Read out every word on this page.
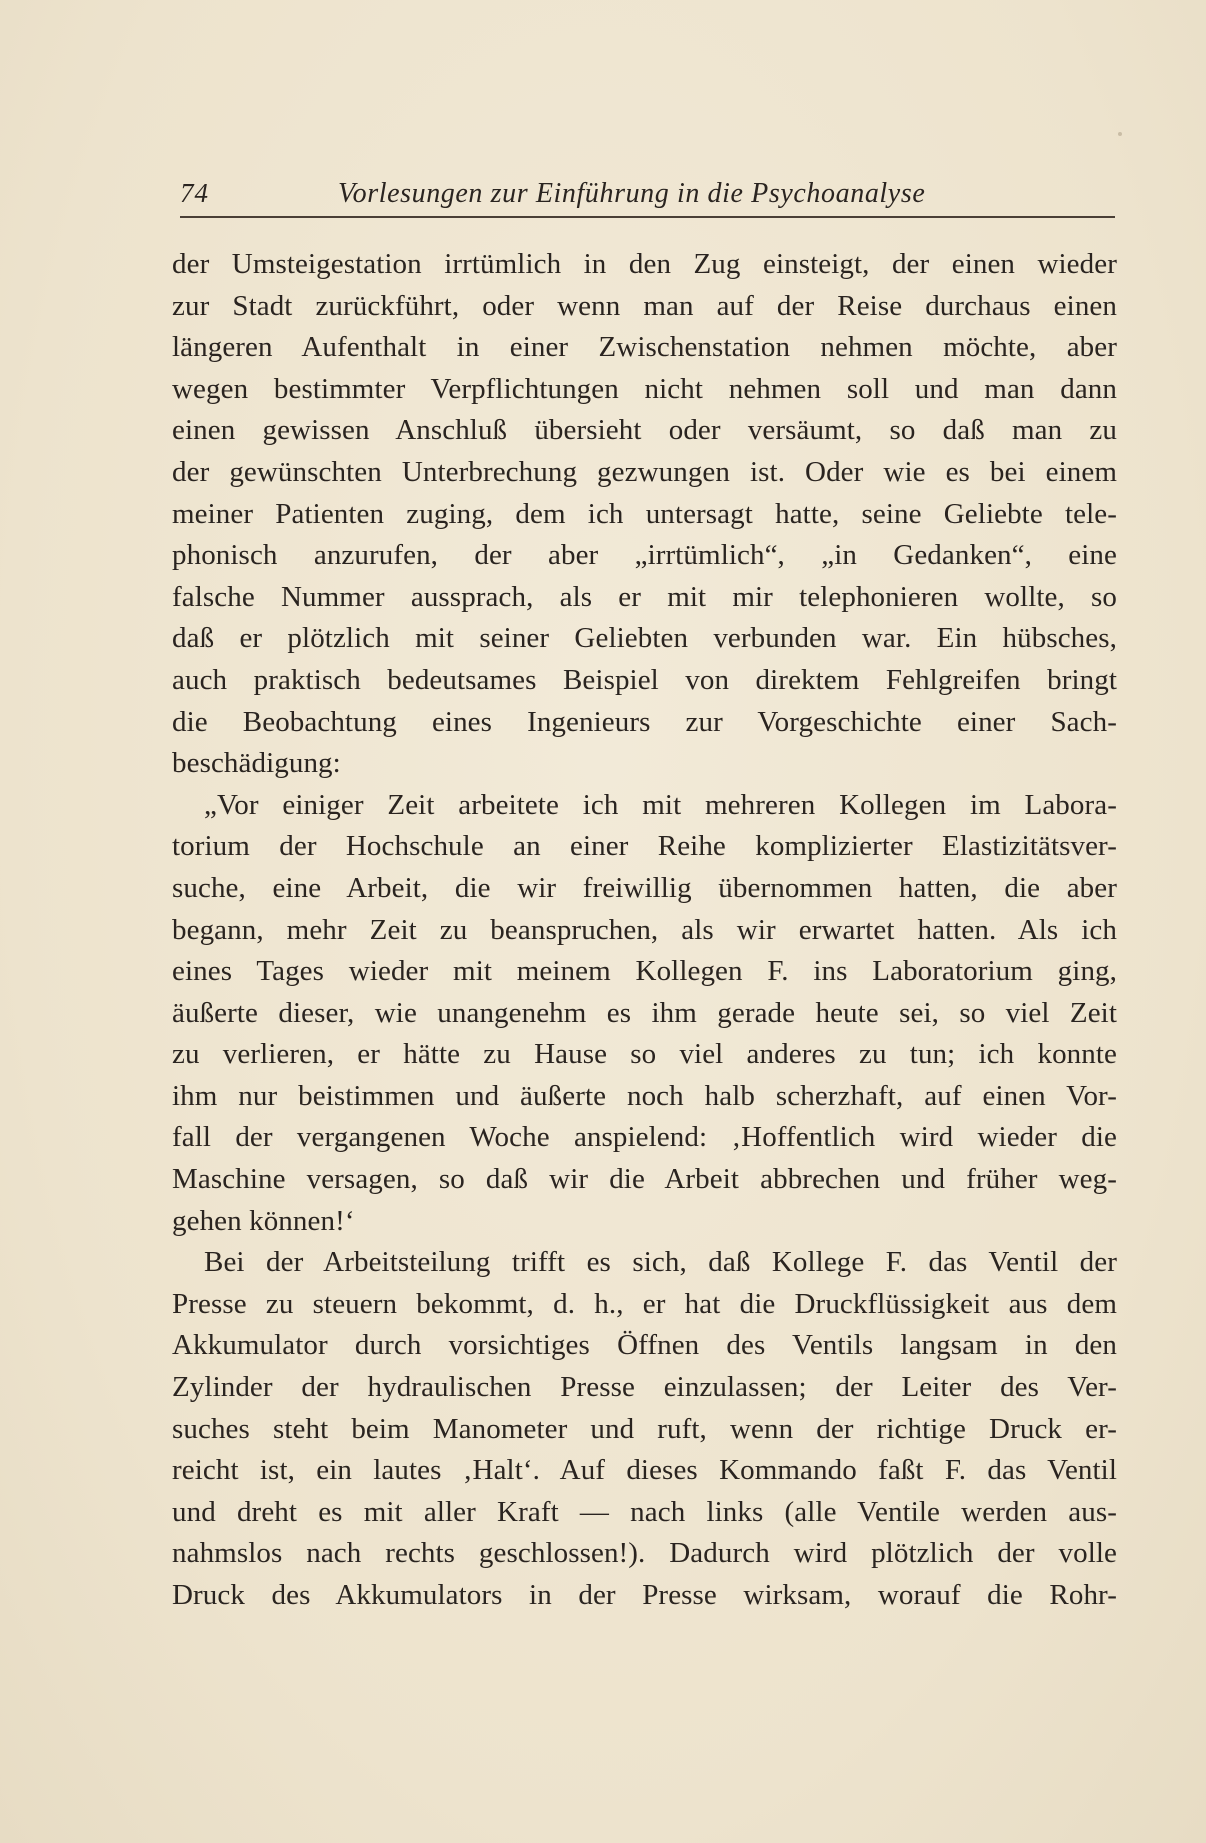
74	Vorlesungen zur Einführung in die Psychoanalyse
der Umsteigestation irrtümlich in den Zug einsteigt, der einen wieder
zur Stadt zurückführt, oder wenn man auf der Reise durchaus einen
längeren Aufenthalt in einer Zwischenstation nehmen möchte, aber
wegen bestimmter Verpflichtungen nicht nehmen soll und man dann
einen gewissen Anschluß übersieht oder versäumt, so daß man zu
der gewünschten Unterbrechung gezwungen ist. Oder wie es bei einem
meiner Patienten zuging, dem ich untersagt hatte, seine Geliebte tele-
phonisch anzurufen, der aber „irrtümlich“, „in Gedanken“, eine
falsche Nummer aussprach, als er mit mir telephonieren wollte, so
daß er plötzlich mit seiner Geliebten verbunden war. Ein hübsches,
auch praktisch bedeutsames Beispiel von direktem Fehlgreifen bringt
die Beobachtung eines Ingenieurs zur Vorgeschichte einer Sach-
beschädigung:
„Vor einiger Zeit arbeitete ich mit mehreren Kollegen im Labora-
torium der Hochschule an einer Reihe komplizierter Elastizitätsver-
suche, eine Arbeit, die wir freiwillig übernommen hatten, die aber
begann, mehr Zeit zu beanspruchen, als wir erwartet hatten. Als ich
eines Tages wieder mit meinem Kollegen F. ins Laboratorium ging,
äußerte dieser, wie unangenehm es ihm gerade heute sei, so viel Zeit
zu verlieren, er hätte zu Hause so viel anderes zu tun; ich konnte
ihm nur beistimmen und äußerte noch halb scherzhaft, auf einen Vor-
fall der vergangenen Woche anspielend: ‚Hoffentlich wird wieder die
Maschine versagen, so daß wir die Arbeit abbrechen und früher weg-
gehen können!‘
Bei der Arbeitsteilung trifft es sich, daß Kollege F. das Ventil der
Presse zu steuern bekommt, d. h., er hat die Druckflüssigkeit aus dem
Akkumulator durch vorsichtiges Öffnen des Ventils langsam in den
Zylinder der hydraulischen Presse einzulassen; der Leiter des Ver-
suches steht beim Manometer und ruft, wenn der richtige Druck er-
reicht ist, ein lautes ‚Halt‘. Auf dieses Kommando faßt F. das Ventil
und dreht es mit aller Kraft — nach links (alle Ventile werden aus-
nahmslos nach rechts geschlossen!). Dadurch wird plötzlich der volle
Druck des Akkumulators in der Presse wirksam, worauf die Rohr-
